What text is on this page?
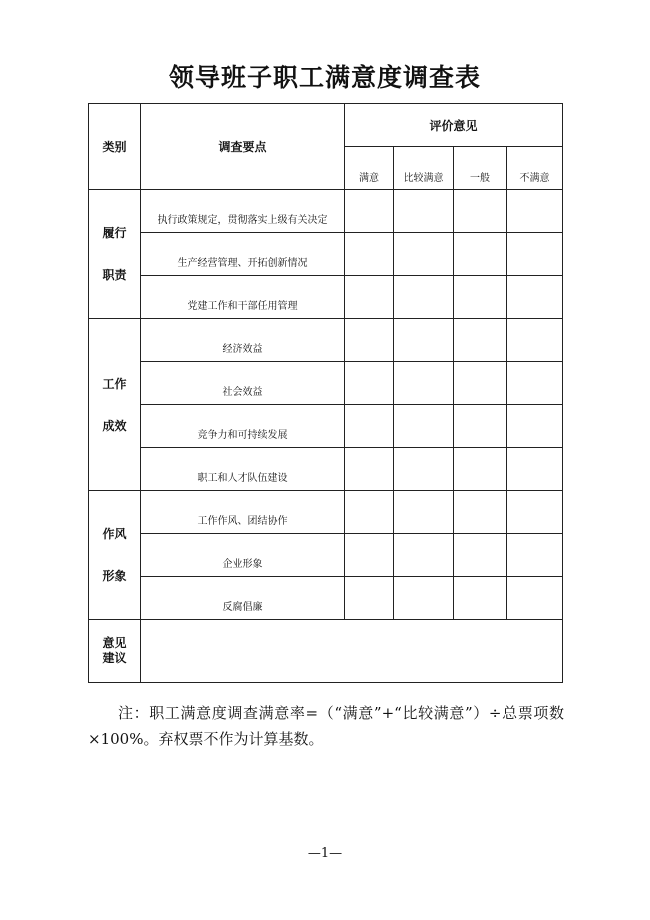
领导班子职工满意度调查表
类别	调查要点	评价意见			
		满意	比较满意	一般	不满意

履行
职责	执行政策规定，贯彻落实上级有关决定				
	生产经营管理、开拓创新情况				
	党建工作和干部任用管理				

工作
成效	经济效益				
	社会效益				
	竞争力和可持续发展				
	职工和人才队伍建设				

作风
形象	工作作风、团结协作				
	企业形象				
	反腐倡廉				

意见
建议					

注：职工满意度调查满意率=（“满意”+“比较满意”）÷总票项数×100%。弃权票不作为计算基数。
—1—
